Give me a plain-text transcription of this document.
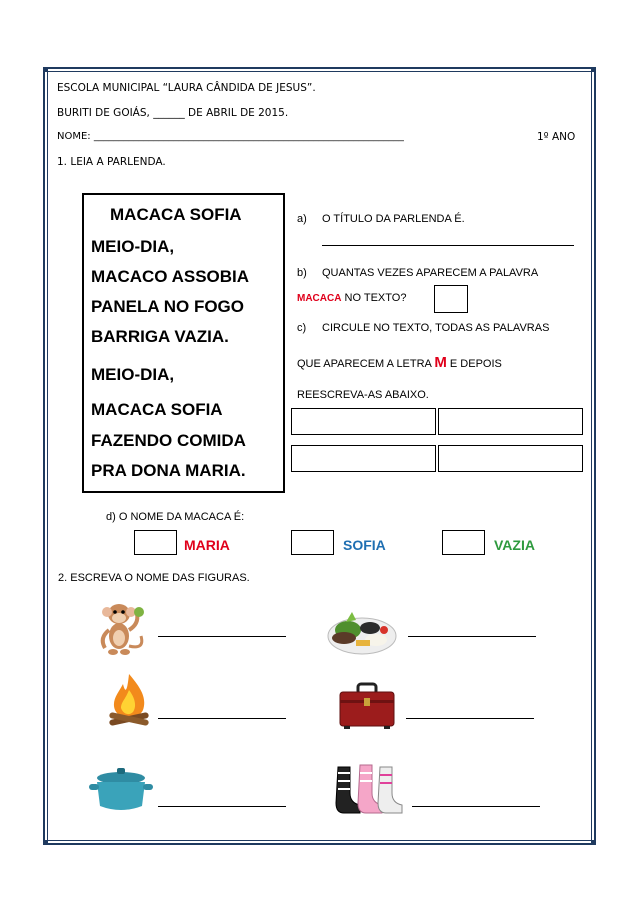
ESCOLA MUNICIPAL “LAURA CÂNDIDA DE JESUS”.
BURITI DE GOIÁS, ______ DE ABRIL DE 2015.
NOME: ______________________________________________________________	1º ANO
1. LEIA A PARLENDA.
MACACA SOFIA
MEIO-DIA,
MACACO ASSOBIA
PANELA NO FOGO
BARRIGA VAZIA.
MEIO-DIA,
MACACA SOFIA
FAZENDO COMIDA
PRA DONA MARIA.
a) O TÍTULO DA PARLENDA É.
b) QUANTAS VEZES APARECEM A PALAVRA
MACACA NO TEXTO?
c) CIRCULE NO TEXTO, TODAS AS PALAVRAS
QUE APARECEM A LETRA M E DEPOIS
REESCREVA-AS ABAIXO.
d) O NOME DA MACACA É:
MARIA	SOFIA	VAZIA
2. ESCREVA O NOME DAS FIGURAS.
